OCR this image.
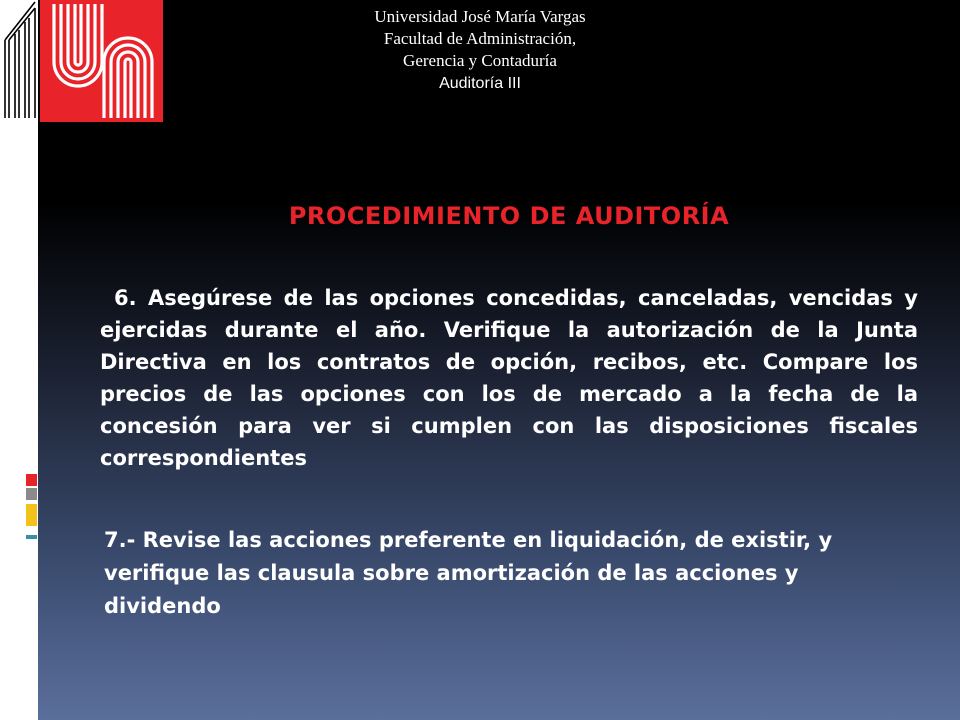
Universidad José María Vargas
Facultad de Administración,
Gerencia y Contaduría
Auditoría III
PROCEDIMIENTO DE AUDITORÍA

6. Asegúrese de las opciones concedidas, canceladas, vencidas y ejercidas durante el año. Verifique la autorización de la Junta Directiva en los contratos de opción, recibos, etc. Compare los precios de las opciones con los de mercado a la fecha de la concesión para ver si cumplen con las disposiciones fiscales correspondientes

7.- Revise las acciones preferente en liquidación, de existir, y verifique las clausula sobre amortización de las acciones y dividendo
